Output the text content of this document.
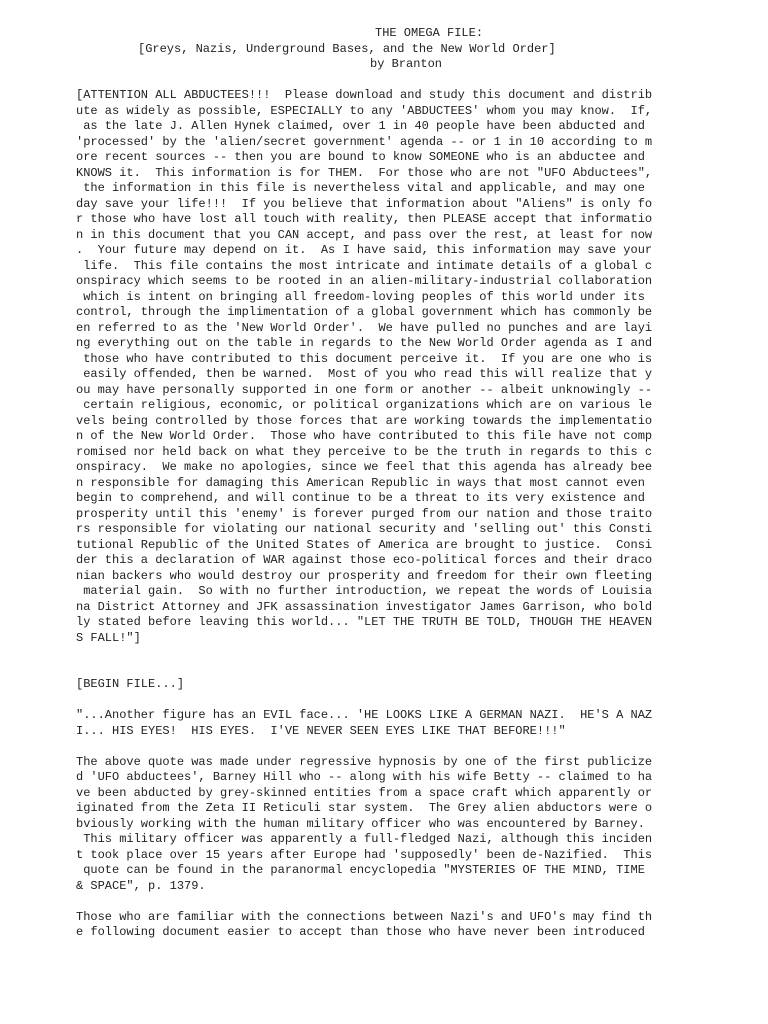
THE OMEGA FILE:
[Greys, Nazis, Underground Bases, and the New World Order]
by Branton
[ATTENTION ALL ABDUCTEES!!!  Please download and study this document and distrib
ute as widely as possible, ESPECIALLY to any 'ABDUCTEES' whom you may know.  If,
as the late J. Allen Hynek claimed, over 1 in 40 people have been abducted and
'processed' by the 'alien/secret government' agenda -- or 1 in 10 according to m
ore recent sources -- then you are bound to know SOMEONE who is an abductee and
KNOWS it.  This information is for THEM.  For those who are not "UFO Abductees",
the information in this file is nevertheless vital and applicable, and may one
day save your life!!!  If you believe that information about "Aliens" is only fo
r those who have lost all touch with reality, then PLEASE accept that informatio
n in this document that you CAN accept, and pass over the rest, at least for now
.  Your future may depend on it.  As I have said, this information may save your
life.  This file contains the most intricate and intimate details of a global c
onspiracy which seems to be rooted in an alien-military-industrial collaboration
which is intent on bringing all freedom-loving peoples of this world under its
control, through the implimentation of a global government which has commonly be
en referred to as the 'New World Order'.  We have pulled no punches and are layi
ng everything out on the table in regards to the New World Order agenda as I and
those who have contributed to this document perceive it.  If you are one who is
easily offended, then be warned.  Most of you who read this will realize that y
ou may have personally supported in one form or another -- albeit unknowingly --
certain religious, economic, or political organizations which are on various le
vels being controlled by those forces that are working towards the implementatio
n of the New World Order.  Those who have contributed to this file have not comp
romised nor held back on what they perceive to be the truth in regards to this c
onspiracy.  We make no apologies, since we feel that this agenda has already bee
n responsible for damaging this American Republic in ways that most cannot even
begin to comprehend, and will continue to be a threat to its very existence and
prosperity until this 'enemy' is forever purged from our nation and those traito
rs responsible for violating our national security and 'selling out' this Consti
tutional Republic of the United States of America are brought to justice.  Consi
der this a declaration of WAR against those eco-political forces and their draco
nian backers who would destroy our prosperity and freedom for their own fleeting
material gain.  So with no further introduction, we repeat the words of Louisia
na District Attorney and JFK assassination investigator James Garrison, who bold
ly stated before leaving this world... "LET THE TRUTH BE TOLD, THOUGH THE HEAVEN
S FALL!"]
[BEGIN FILE...]
"...Another figure has an EVIL face... 'HE LOOKS LIKE A GERMAN NAZI.  HE'S A NAZ
I... HIS EYES!  HIS EYES.  I'VE NEVER SEEN EYES LIKE THAT BEFORE!!!"
The above quote was made under regressive hypnosis by one of the first publicize
d 'UFO abductees', Barney Hill who -- along with his wife Betty -- claimed to ha
ve been abducted by grey-skinned entities from a space craft which apparently or
iginated from the Zeta II Reticuli star system.  The Grey alien abductors were o
bviously working with the human military officer who was encountered by Barney.
This military officer was apparently a full-fledged Nazi, although this inciden
t took place over 15 years after Europe had 'supposedly' been de-Nazified.  This
quote can be found in the paranormal encyclopedia "MYSTERIES OF THE MIND, TIME
& SPACE", p. 1379.
Those who are familiar with the connections between Nazi's and UFO's may find th
e following document easier to accept than those who have never been introduced
